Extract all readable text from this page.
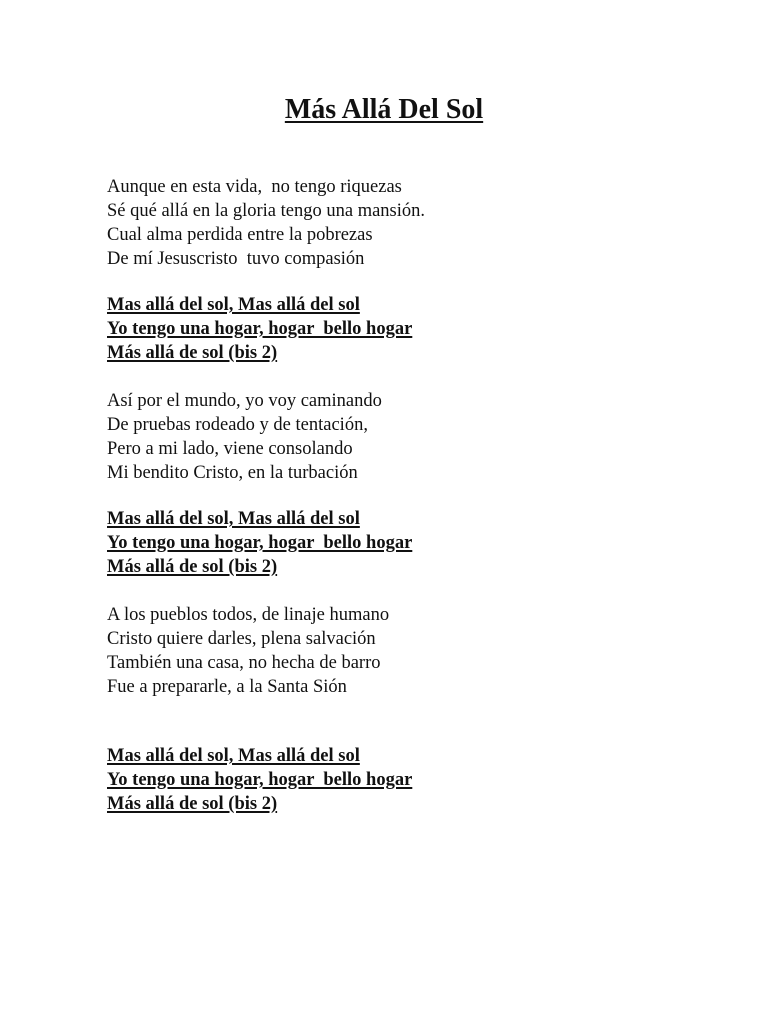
Más Allá Del Sol
Aunque en esta vida,  no tengo riquezas
Sé qué allá en la gloria tengo una mansión.
Cual alma perdida entre la pobrezas
De mí Jesuscristo  tuvo compasión
Mas allá del sol, Mas allá del sol
Yo tengo una hogar, hogar  bello hogar
Más allá de sol (bis 2)
Así por el mundo, yo voy caminando
De pruebas rodeado y de tentación,
Pero a mi lado, viene consolando
Mi bendito Cristo, en la turbación
Mas allá del sol, Mas allá del sol
Yo tengo una hogar, hogar  bello hogar
Más allá de sol (bis 2)
A los pueblos todos, de linaje humano
Cristo quiere darles, plena salvación
También una casa, no hecha de barro
Fue a prepararle, a la Santa Sión
Mas allá del sol, Mas allá del sol
Yo tengo una hogar, hogar  bello hogar
Más allá de sol (bis 2)
